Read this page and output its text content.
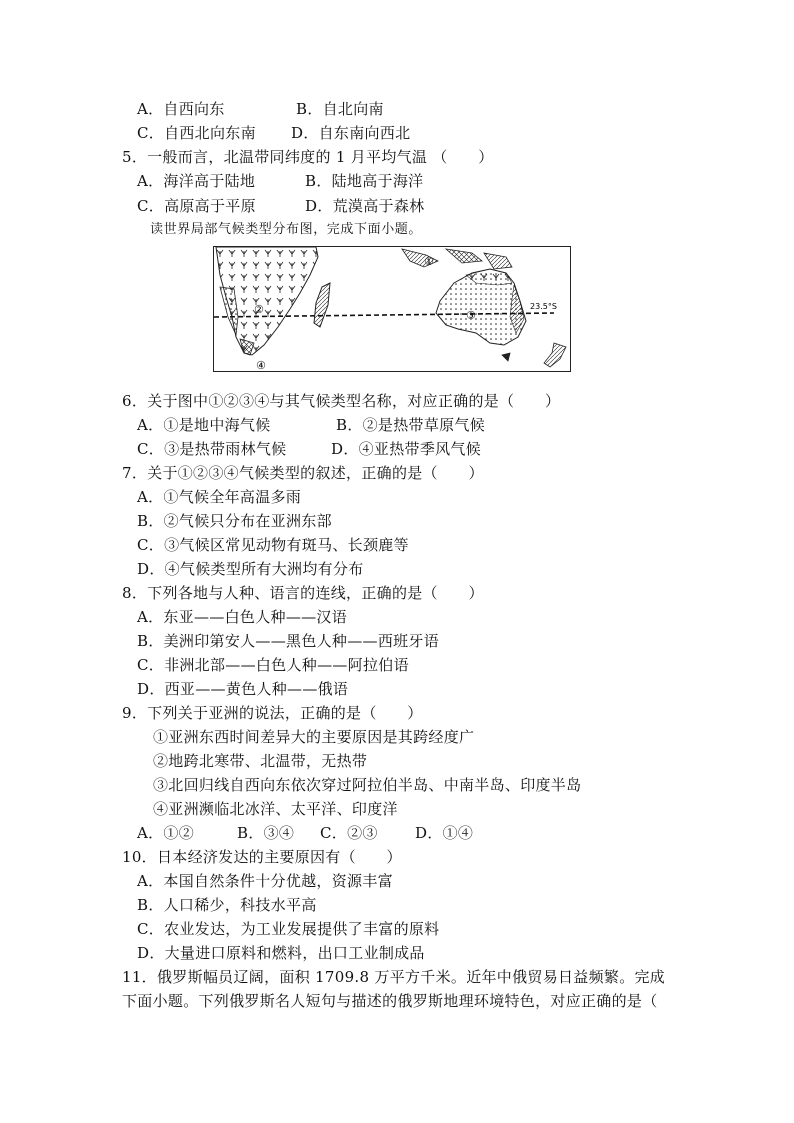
A．自西向东	B．自北向南
C．自西北向东南 D．自东南向西北
5．一般而言，北温带同纬度的 1 月平均气温 （　　）
A．海洋高于陆地	B．陆地高于海洋
C．高原高于平原	D．荒漠高于森林
读世界局部气候类型分布图，完成下面小题。
①
②	③
④
23.5°S
6．关于图中①②③④与其气候类型名称，对应正确的是（　　）
A．①是地中海气候	B．②是热带草原气候
C．③是热带雨林气候	D．④亚热带季风气候
7．关于①②③④气候类型的叙述，正确的是（　　）
A．①气候全年高温多雨
B．②气候只分布在亚洲东部
C．③气候区常见动物有斑马、长颈鹿等
D．④气候类型所有大洲均有分布
8．下列各地与人种、语言的连线，正确的是（　　）
A．东亚——白色人种——汉语
B．美洲印第安人——黑色人种——西班牙语
C．非洲北部——白色人种——阿拉伯语
D．西亚——黄色人种——俄语
9．下列关于亚洲的说法，正确的是（　　）
①亚洲东西时间差异大的主要原因是其跨经度广
②地跨北寒带、北温带，无热带
③北回归线自西向东依次穿过阿拉伯半岛、中南半岛、印度半岛
④亚洲濒临北冰洋、太平洋、印度洋
A．①②	B．③④ C．②③ D．①④
10．日本经济发达的主要原因有（　　）
A．本国自然条件十分优越，资源丰富
B．人口稀少，科技水平高
C．农业发达，为工业发展提供了丰富的原料
D．大量进口原料和燃料，出口工业制成品
11．俄罗斯幅员辽阔，面积 1709.8 万平方千米。近年中俄贸易日益频繁。完成
下面小题。下列俄罗斯名人短句与描述的俄罗斯地理环境特色，对应正确的是（
